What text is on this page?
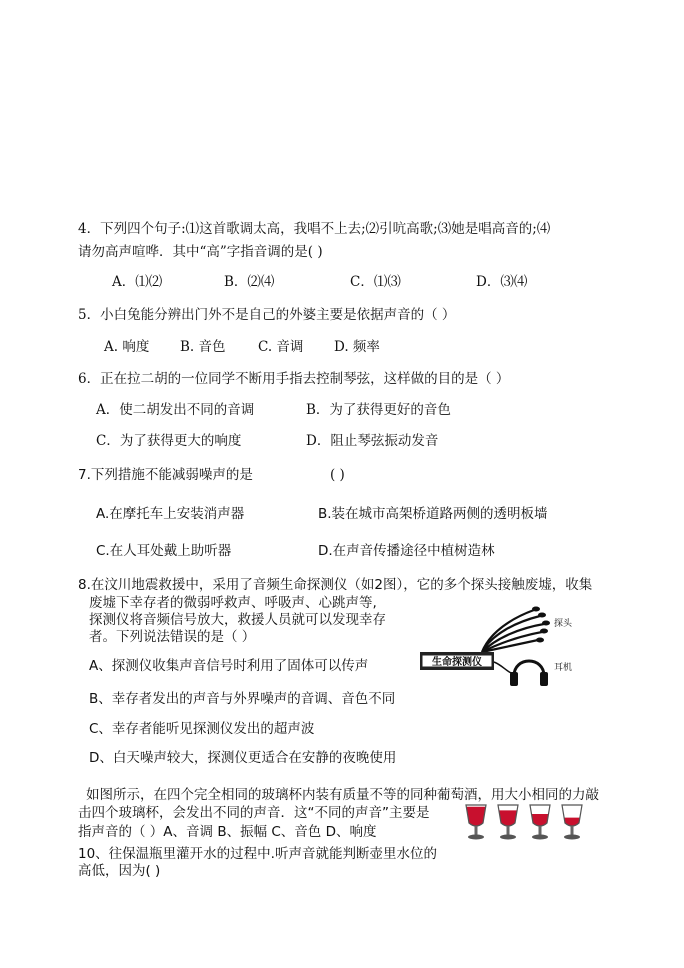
4．下列四个句子:⑴这首歌调太高，我唱不上去;⑵引吭高歌;⑶她是唱高音的;⑷
请勿高声喧哗．其中“高”字指音调的是( )
A．⑴⑵	B．⑵⑷	C．⑴⑶	D．⑶⑷
5．小白兔能分辨出门外不是自己的外婆主要是依据声音的（ ）
A. 响度 B. 音色 C. 音调 D. 频率
6．正在拉二胡的一位同学不断用手指去控制琴弦，这样做的目的是（ ）
A．使二胡发出不同的音调	B．为了获得更好的音色
C．为了获得更大的响度	D．阻止琴弦振动发音
7.下列措施不能减弱噪声的是	( )
A.在摩托车上安装消声器	B.装在城市高架桥道路两侧的透明板墙
C.在人耳处戴上助听器	D.在声音传播途径中植树造林
8.在汶川地震救援中，采用了音频生命探测仪（如2图），它的多个探头接触废墟，收集
废墟下幸存者的微弱呼救声、呼吸声、心跳声等,
探测仪将音频信号放大，救援人员就可以发现幸存
者。下列说法错误的是（ ）
A、探测仪收集声音信号时利用了固体可以传声
B、幸存者发出的声音与外界噪声的音调、音色不同
C、幸存者能听见探测仪发出的超声波
D、白天噪声较大，探测仪更适合在安静的夜晚使用
生命探测仪
探头
耳机
如图所示，在四个完全相同的玻璃杯内装有质量不等的同种葡萄酒，用大小相同的力敲
击四个玻璃杯，会发出不同的声音．这“不同的声音”主要是
指声音的（ ）A、音调 B、振幅 C、音色 D、响度
10、往保温瓶里灌开水的过程中.听声音就能判断壶里水位的
高低，因为( )
